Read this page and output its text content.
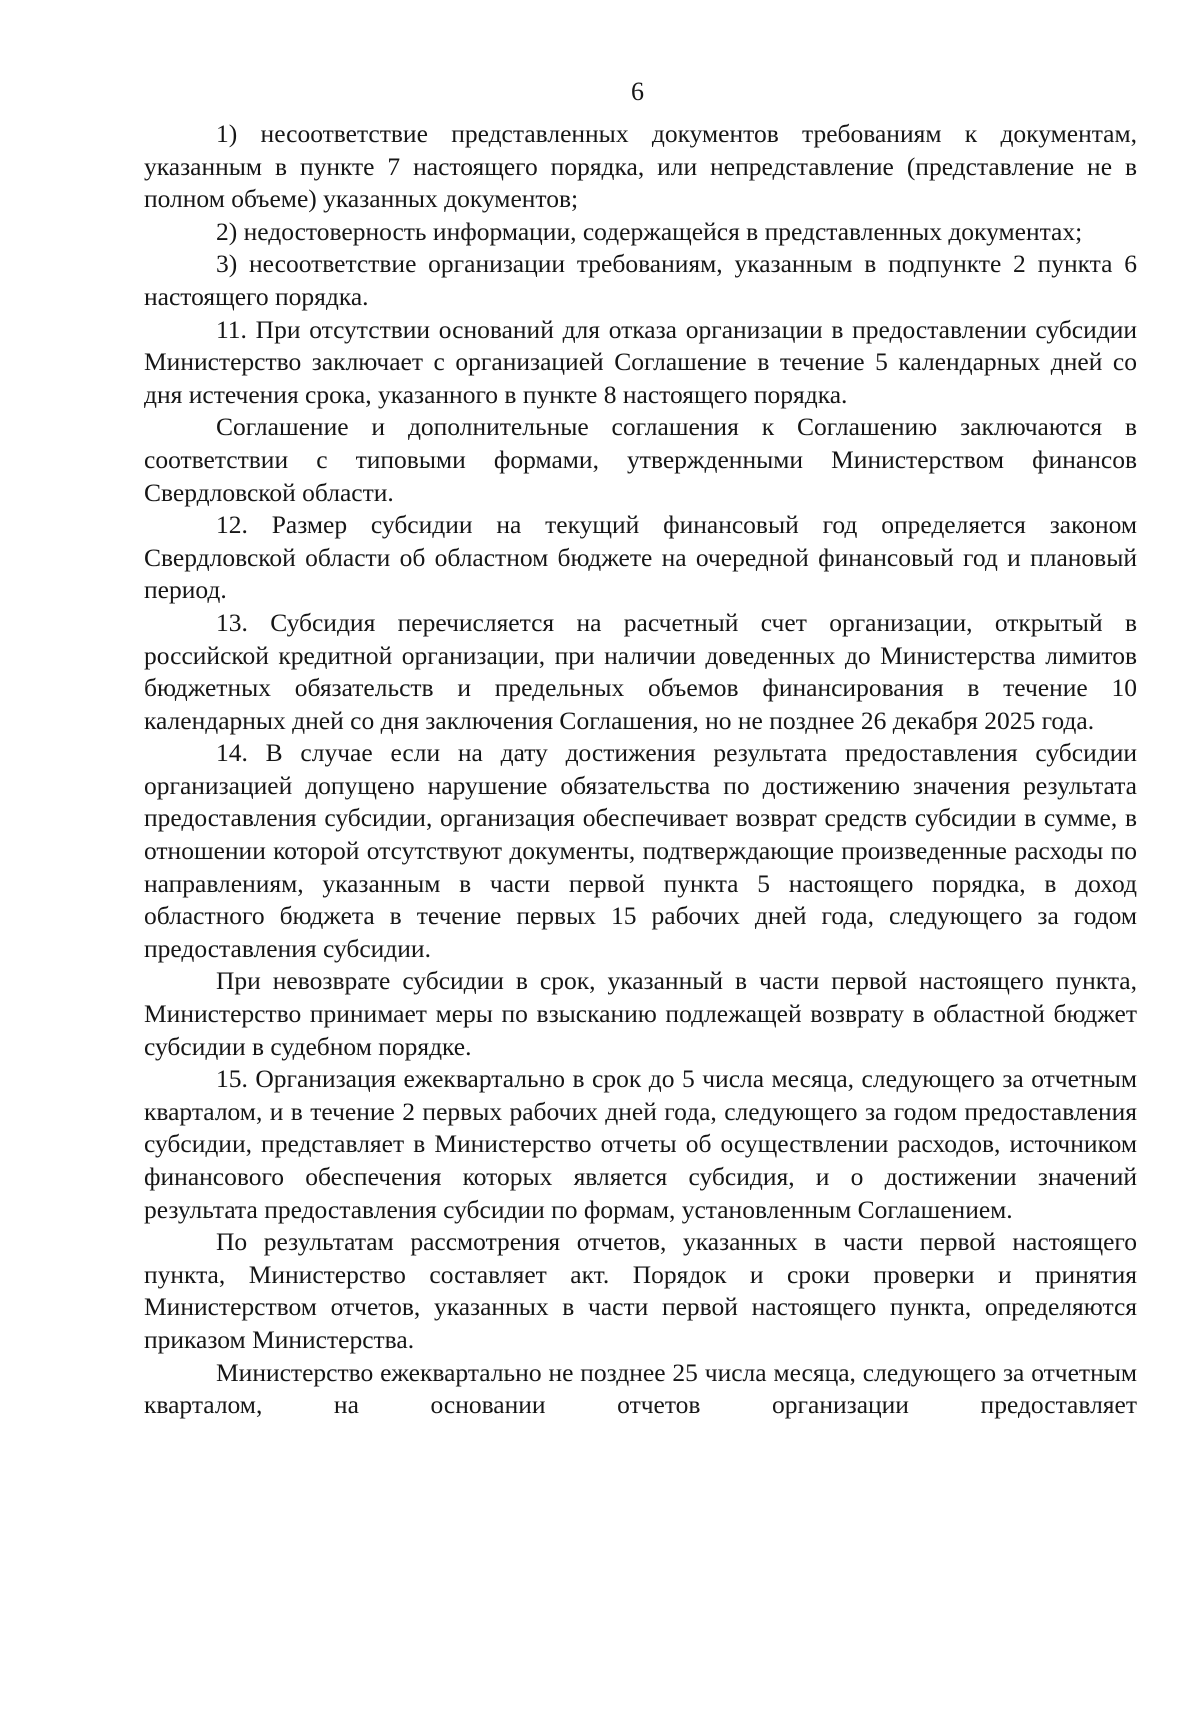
6

1) несоответствие представленных документов требованиям к документам, указанным в пункте 7 настоящего порядка, или непредставление (представление не в полном объеме) указанных документов;

2) недостоверность информации, содержащейся в представленных документах;

3) несоответствие организации требованиям, указанным в подпункте 2 пункта 6 настоящего порядка.

11. При отсутствии оснований для отказа организации в предоставлении субсидии Министерство заключает с организацией Соглашение в течение 5 календарных дней со дня истечения срока, указанного в пункте 8 настоящего порядка.

Соглашение и дополнительные соглашения к Соглашению заключаются в соответствии с типовыми формами, утвержденными Министерством финансов Свердловской области.

12. Размер субсидии на текущий финансовый год определяется законом Свердловской области об областном бюджете на очередной финансовый год и плановый период.

13. Субсидия перечисляется на расчетный счет организации, открытый в российской кредитной организации, при наличии доведенных до Министерства лимитов бюджетных обязательств и предельных объемов финансирования в течение 10 календарных дней со дня заключения Соглашения, но не позднее 26 декабря 2025 года.

14. В случае если на дату достижения результата предоставления субсидии организацией допущено нарушение обязательства по достижению значения результата предоставления субсидии, организация обеспечивает возврат средств субсидии в сумме, в отношении которой отсутствуют документы, подтверждающие произведенные расходы по направлениям, указанным в части первой пункта 5 настоящего порядка, в доход областного бюджета в течение первых 15 рабочих дней года, следующего за годом предоставления субсидии.

При невозврате субсидии в срок, указанный в части первой настоящего пункта, Министерство принимает меры по взысканию подлежащей возврату в областной бюджет субсидии в судебном порядке.

15. Организация ежеквартально в срок до 5 числа месяца, следующего за отчетным кварталом, и в течение 2 первых рабочих дней года, следующего за годом предоставления субсидии, представляет в Министерство отчеты об осуществлении расходов, источником финансового обеспечения которых является субсидия, и о достижении значений результата предоставления субсидии по формам, установленным Соглашением.

По результатам рассмотрения отчетов, указанных в части первой настоящего пункта, Министерство составляет акт. Порядок и сроки проверки и принятия Министерством отчетов, указанных в части первой настоящего пункта, определяются приказом Министерства.

Министерство ежеквартально не позднее 25 числа месяца, следующего за отчетным кварталом, на основании отчетов организации предоставляет
